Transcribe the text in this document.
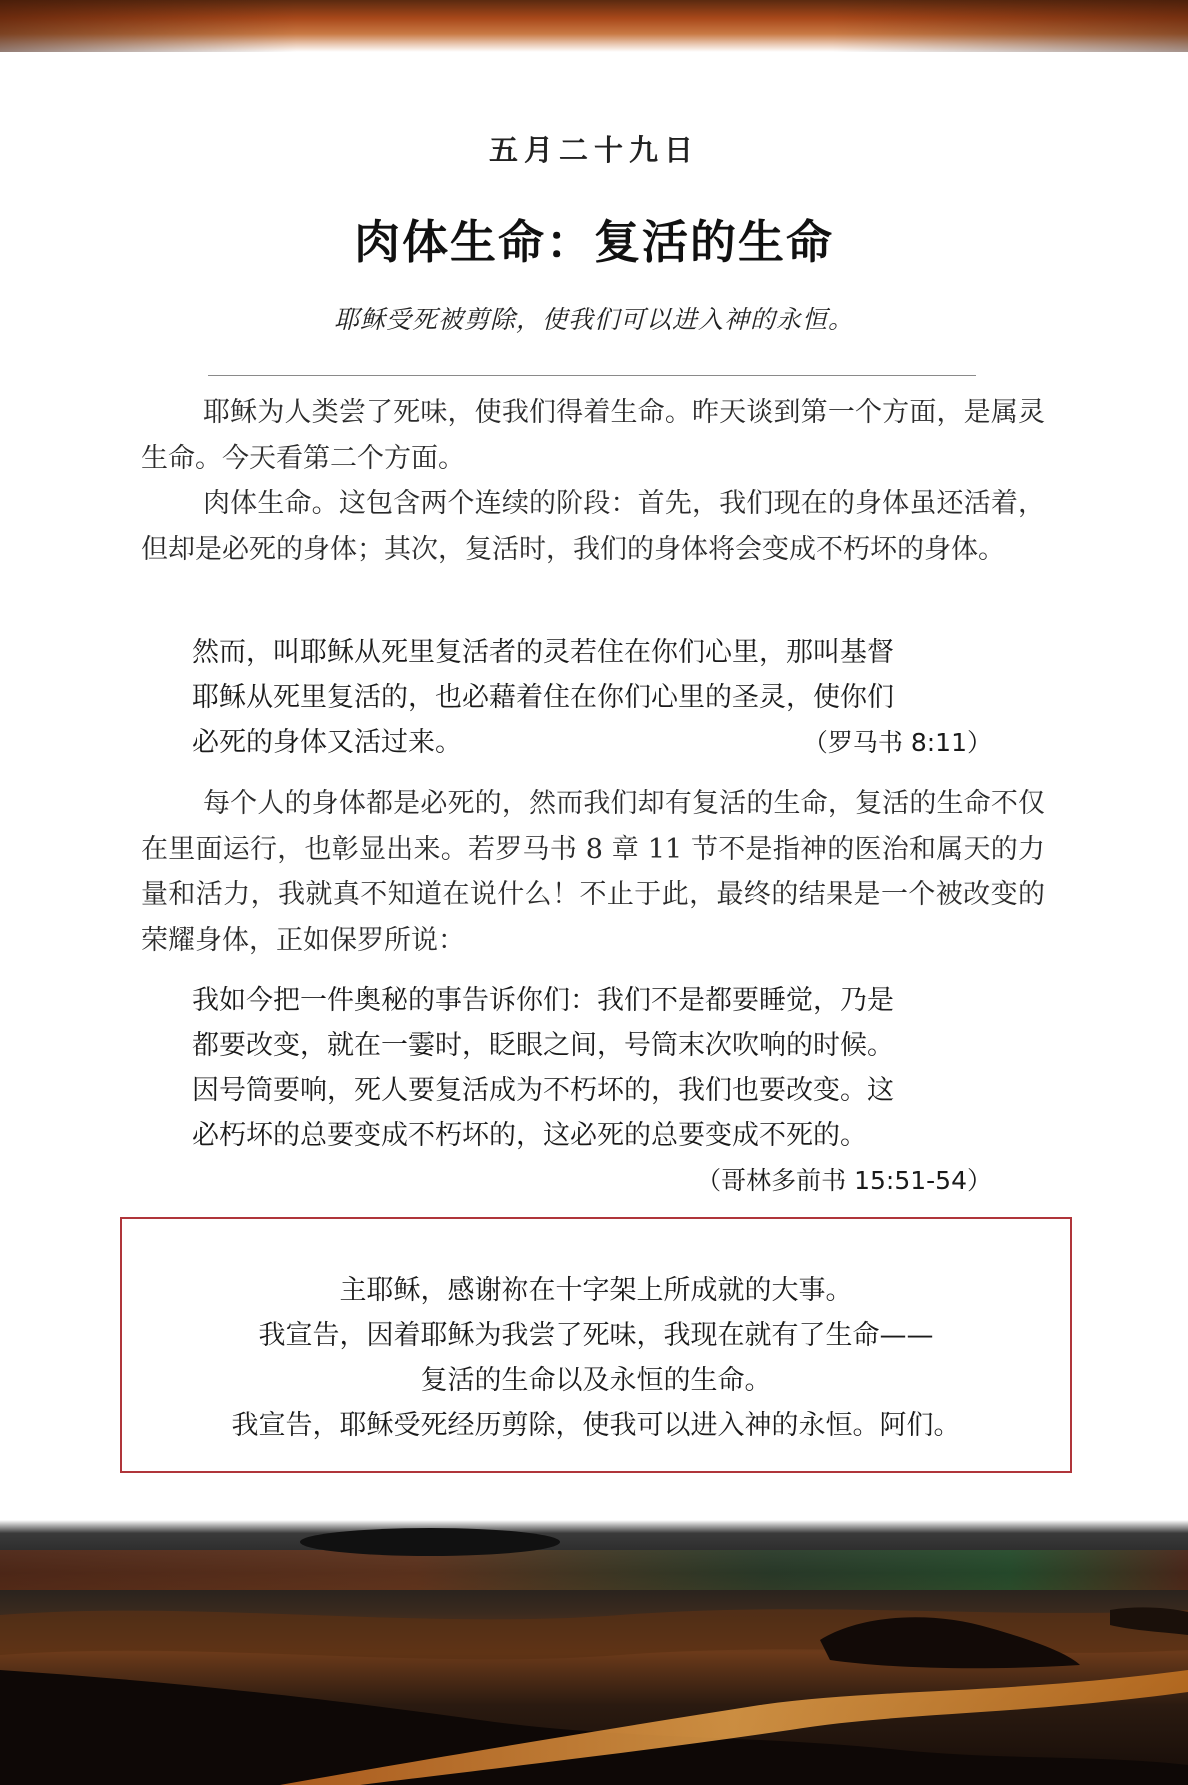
五月二十九日
肉体生命：复活的生命
耶稣受死被剪除，使我们可以进入神的永恒。

耶稣为人类尝了死味，使我们得着生命。昨天谈到第一个方面，是属灵生命。今天看第二个方面。

肉体生命。这包含两个连续的阶段：首先，我们现在的身体虽还活着，但却是必死的身体；其次，复活时，我们的身体将会变成不朽坏的身体。

然而，叫耶稣从死里复活者的灵若住在你们心里，那叫基督
耶稣从死里复活的，也必藉着住在你们心里的圣灵，使你们
必死的身体又活过来。	（罗马书 8:11）

每个人的身体都是必死的，然而我们却有复活的生命，复活的生命不仅在里面运行，也彰显出来。若罗马书 8 章 11 节不是指神的医治和属天的力量和活力，我就真不知道在说什么！不止于此，最终的结果是一个被改变的荣耀身体，正如保罗所说：

我如今把一件奥秘的事告诉你们：我们不是都要睡觉，乃是
都要改变，就在一霎时，眨眼之间，号筒末次吹响的时候。
因号筒要响，死人要复活成为不朽坏的，我们也要改变。这
必朽坏的总要变成不朽坏的，这必死的总要变成不死的。
（哥林多前书 15:51-54）
主耶稣，感谢祢在十字架上所成就的大事。
我宣告，因着耶稣为我尝了死味，我现在就有了生命——
复活的生命以及永恒的生命。
我宣告，耶稣受死经历剪除，使我可以进入神的永恒。阿们。
